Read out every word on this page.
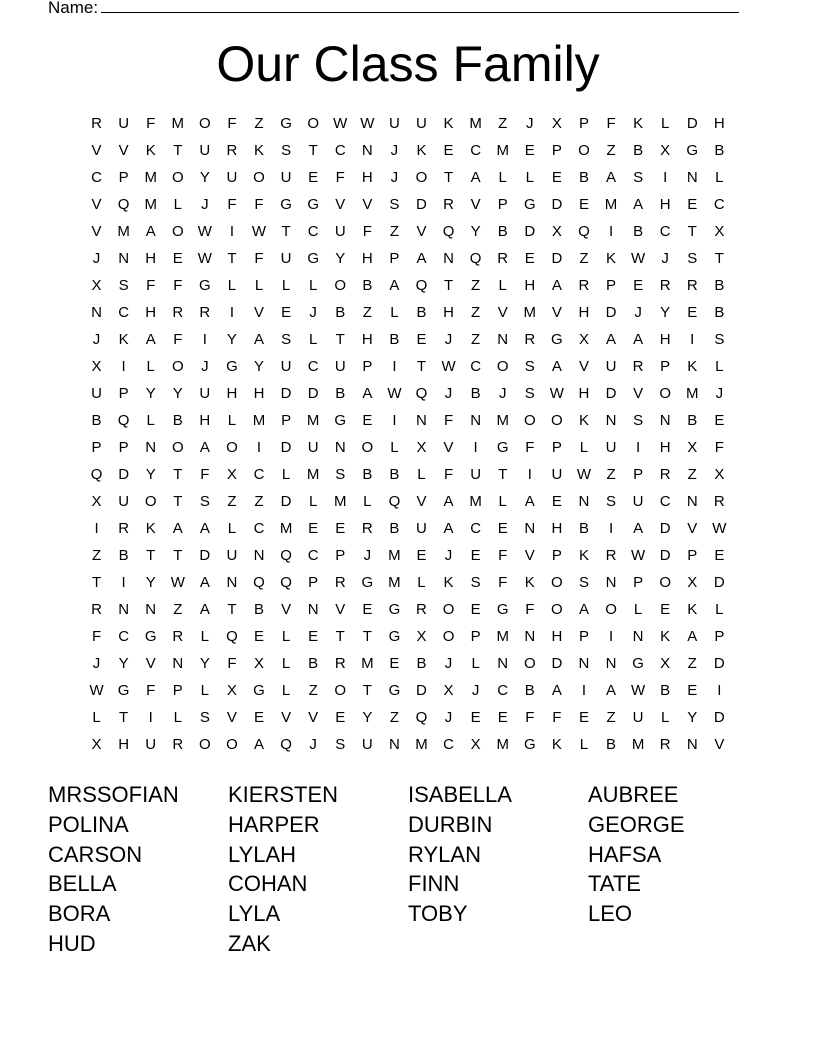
Name:
Our Class Family
R	U	F	M	O	F	Z	G	O W W U	U	K	M	Z	J	X	P	F	K	L	D	H
V	V	K	T	U	R	K	S	T	C	N	J	K	E	C	M	E	P	O	Z	B	X	G	B
C	P	M	O	Y	U	O	U	E	F	H	J	O	T	A	L	L	E	B	A	S	I	N	L
V	Q M	L	J	F	F	G	G	V	V	S	D	R	V	P	G	D	E	M	A	H	E	C
V	M	A	O W	I	W	T	C	U	F	Z	V	Q	Y	B	D	X	Q	I	B	C	T	X
J	N	H	E W	T	F	U	G	Y	H	P	A	N	Q	R	E	D	Z	K W	J	S	T
X	S	F	F	G	L	L	L	L	O	B	A	Q	T	Z	L	H	A	R	P	E	R	R	B
N	C	H	R	R	I	V	E	J	B	Z	L	B	H	Z	V	M	V	H	D	J	Y	E	B
J	K	A	F	I	Y	A	S	L	T	H	B	E	J	Z	N	R	G	X	A	A	H	I	S
X	I	L	O	J	G	Y	U	C	U	P	I	T	W C	O	S	A	V	U	R	P	K	L
U	P	Y	Y	U	H	H	D	D	B	A W Q	J	B	J	S W H	D	V	O M	J
B	Q	L	B	H	L	M	P	M	G	E	I	N	F	N	M	O	O	K	N	S	N	B	E
P	P	N	O	A	O	I	D	U	N	O	L	X	V	I	G	F	P	L	U	I	H	X	F
Q	D	Y	T	F	X	C	L	M	S	B	B	L	F	U	T	I	U W	Z	P	R	Z	X
X	U	O	T	S	Z	Z	D	L	M	L	Q	V	A	M	L	A	E	N	S	U	C	N	R
I	R	K	A	A	L	C	M	E	E	R	B	U	A	C	E	N	H	B	I	A	D	V W
Z	B	T	T	D	U	N	Q	C	P	J	M	E	J	E	F	V	P	K	R W D	P	E
T	I	Y W A	N	Q	Q	P	R	G M	L	K	S	F	K	O	S	N	P	O	X	D
R	N	N	Z	A	T	B	V	N	V	E	G	R	O	E	G	F	O	A	O	L	E	K	L
F	C	G	R	L	Q	E	L	E	T	T	G	X	O	P	M	N	H	P	I	N	K	A	P
J	Y	V	N	Y	F	X	L	B	R	M	E	B	J	L	N	O	D	N	N	G	X	Z	D
W G	F	P	L	X	G	L	Z	O	T	G	D	X	J	C	B	A	I	A W B	E	I
L	T	I	L	S	V	E	V	V	E	Y	Z	Q	J	E	E	F	F	E	Z	U	L	Y	D
X	H	U	R	O	O	A	Q	J	S	U	N	M	C	X	M	G	K	L	B	M	R	N	V
MRSSOFIAN	KIERSTEN	ISABELLA	AUBREE
POLINA	HARPER	DURBIN	GEORGE
CARSON	LYLAH	RYLAN	HAFSA
BELLA	COHAN	FINN	TATE
BORA	LYLA	TOBY	LEO
HUD	ZAK
